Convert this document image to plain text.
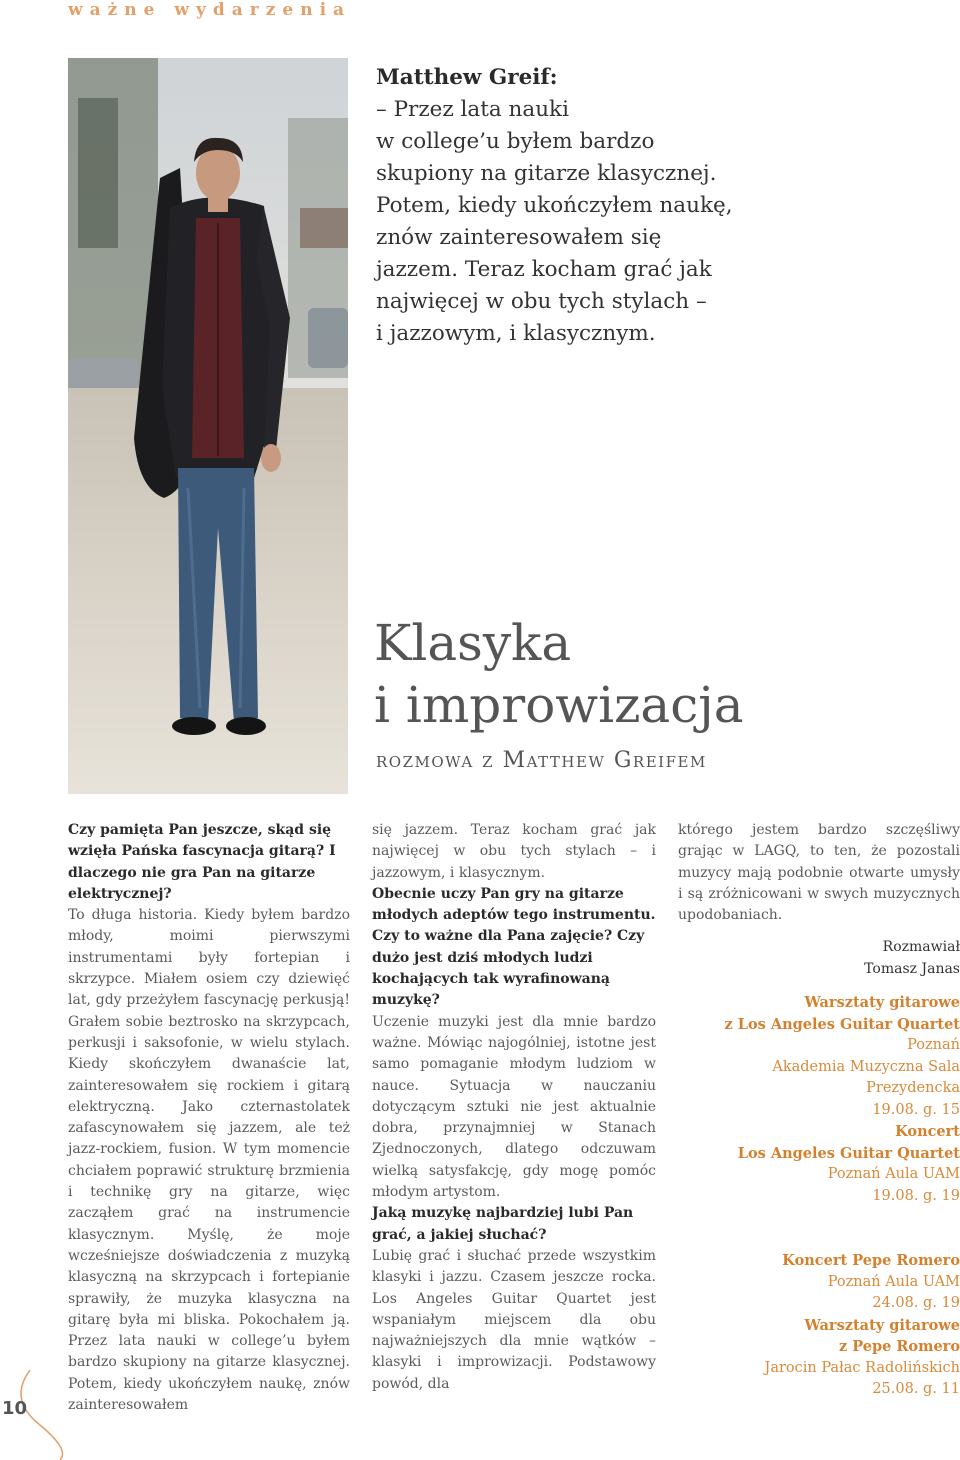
ważne wydarzenia
Matthew Greif:
– Przez lata nauki
w college’u byłem bardzo
skupiony na gitarze klasycznej.
Potem, kiedy ukończyłem naukę,
znów zainteresowałem się
jazzem. Teraz kocham grać jak
najwięcej w obu tych stylach –
i jazzowym, i klasycznym.
Klasyka
i improwizacja
rozmowa z Matthew Greifem
Czy pamięta Pan jeszcze, skąd się wzięła Pańska fascynacja gitarą? I dlaczego nie gra Pan na gitarze elektrycznej?
To długa historia. Kiedy byłem bardzo młody, moimi pierwszymi instrumentami były fortepian i skrzypce. Miałem osiem czy dziewięć lat, gdy przeżyłem fascynację perkusją! Grałem sobie beztrosko na skrzypcach, perkusji i saksofonie, w wielu stylach. Kiedy skończyłem dwanaście lat, zainteresowałem się rockiem i gitarą elektryczną. Jako czternastolatek zafascynowałem się jazzem, ale też jazz-rockiem, fusion. W tym momencie chciałem poprawić strukturę brzmienia i technikę gry na gitarze, więc zacząłem grać na instrumencie klasycznym. Myślę, że moje wcześniejsze doświadczenia z muzyką klasyczną na skrzypcach i fortepianie sprawiły, że muzyka klasyczna na gitarę była mi bliska. Pokochałem ją. Przez lata nauki w college’u byłem bardzo skupiony na gitarze klasycznej. Potem, kiedy ukończyłem naukę, znów zainteresowałem
się jazzem. Teraz kocham grać jak najwięcej w obu tych stylach – i jazzowym, i klasycznym.
Obecnie uczy Pan gry na gitarze młodych adeptów tego instrumentu. Czy to ważne dla Pana zajęcie? Czy dużo jest dziś młodych ludzi kochających tak wyrafinowaną muzykę?
Uczenie muzyki jest dla mnie bardzo ważne. Mówiąc najogólniej, istotne jest samo pomaganie młodym ludziom w nauce. Sytuacja w nauczaniu dotyczącym sztuki nie jest aktualnie dobra, przynajmniej w Stanach Zjednoczonych, dlatego odczuwam wielką satysfakcję, gdy mogę pomóc młodym artystom.
Jaką muzykę najbardziej lubi Pan grać, a jakiej słuchać?
Lubię grać i słuchać przede wszystkim klasyki i jazzu. Czasem jeszcze rocka. Los Angeles Guitar Quartet jest wspaniałym miejscem dla obu najważniejszych dla mnie wątków – klasyki i improwizacji. Podstawowy powód, dla
którego jestem bardzo szczęśliwy grając w LAGQ, to ten, że pozostali muzycy mają podobnie otwarte umysły i są zróżnicowani w swych muzycznych upodobaniach.
Rozmawiał
Tomasz Janas
Warsztaty gitarowe
z Los Angeles Guitar Quartet
Poznań
Akademia Muzyczna Sala Prezydencka
19.08. g. 15
Koncert
Los Angeles Guitar Quartet
Poznań Aula UAM
19.08. g. 19
Koncert Pepe Romero
Poznań Aula UAM
24.08. g. 19
Warsztaty gitarowe
z Pepe Romero
Jarocin Pałac Radolińskich
25.08. g. 11
10
